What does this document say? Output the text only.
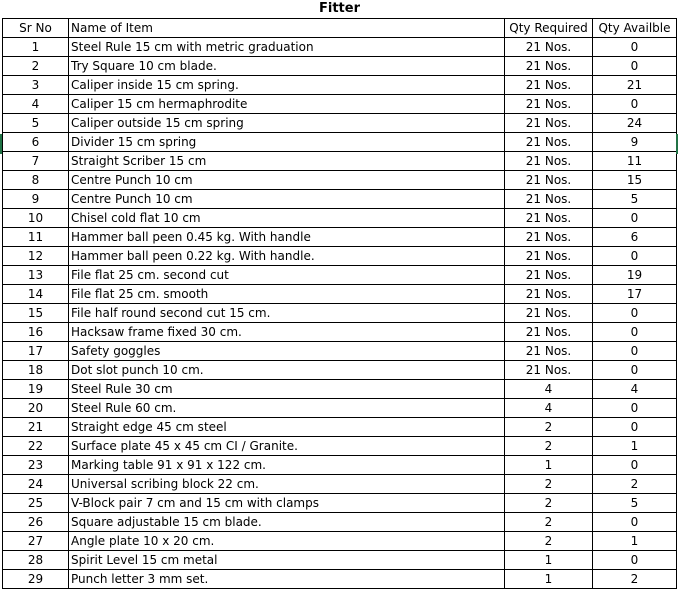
Fitter			
Sr No	Name of Item	Qty Required	Qty Availble
1	Steel Rule 15 cm with metric graduation	21 Nos.	0
2	Try Square 10 cm blade.	21 Nos.	0
3	Caliper inside 15 cm spring.	21 Nos.	21
4	Caliper 15 cm hermaphrodite	21 Nos.	0
5	Caliper outside 15 cm spring	21 Nos.	24
6	Divider 15 cm spring	21 Nos.	9
7	Straight Scriber 15 cm	21 Nos.	11
8	Centre Punch 10 cm	21 Nos.	15
9	Centre Punch 10 cm	21 Nos.	5
10	Chisel cold flat 10 cm	21 Nos.	0
11	Hammer ball peen 0.45 kg. With handle	21 Nos.	6
12	Hammer ball peen 0.22 kg. With handle.	21 Nos.	0
13	File flat 25 cm. second cut	21 Nos.	19
14	File flat 25 cm. smooth	21 Nos.	17
15	File half round second cut 15 cm.	21 Nos.	0
16	Hacksaw frame fixed 30 cm.	21 Nos.	0
17	Safety goggles	21 Nos.	0
18	Dot slot punch 10 cm.	21 Nos.	0
19	Steel Rule 30 cm	4	4
20	Steel Rule 60 cm.	4	0
21	Straight edge 45 cm steel	2	0
22	Surface plate 45 x 45 cm CI / Granite.	2	1
23	Marking table 91 x 91 x 122 cm.	1	0
24	Universal scribing block 22 cm.	2	2
25	V-Block pair 7 cm and 15 cm with clamps	2	5
26	Square adjustable 15 cm blade.	2	0
27	Angle plate 10 x 20 cm.	2	1
28	Spirit Level 15 cm metal	1	0
29	Punch letter 3 mm set.	1	2
